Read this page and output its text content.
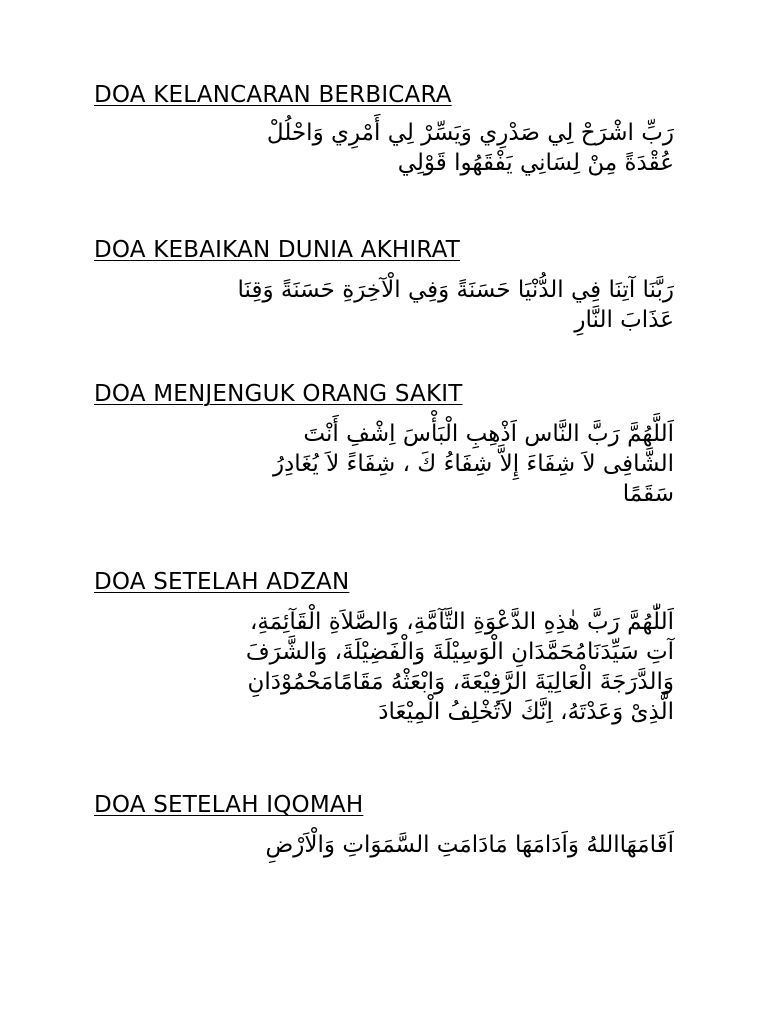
DOA KELANCARAN BERBICARA
رَبِّ اشْرَحْ لِي صَدْرِي وَيَسِّرْ لِي أَمْرِي وَاحْلُلْ
عُقْدَةً مِنْ لِسَانِي يَفْقَهُوا قَوْلِي
DOA KEBAIKAN DUNIA AKHIRAT
رَبَّنَا آتِنَا فِي الدُّنْيَا حَسَنَةً وَفِي الْآخِرَةِ حَسَنَةً وَقِنَا
عَذَابَ النَّارِ
DOA MENJENGUK ORANG SAKIT
اَللَّهُمَّ رَبَّ النَّاس اَذْهِبِ الْبَأْسَ اِشْفِ أَنْتَ
الشَّافِى لاَ شِفَاءَ إِلاَّ شِفَاءُ كَ ، شِفَاءً لاَ يُغَادِرُ
سَقَمًا
DOA SETELAH ADZAN
اَللّٰهُمَّ رَبَّ هٰذِهِ الدَّعْوَةِ التَّآمَّةِ، وَالصَّلاَةِ الْقَآئِمَةِ،
آتِ سَيِّدَنَامُحَمَّدَانِ الْوَسِيْلَةَ وَالْفَضِيْلَةَ، وَالشَّرَفَ
وَالدَّرَجَةَ الْعَالِيَةَ الرَّفِيْعَةَ، وَابْعَثْهُ مَقَامًامَحْمُوْدَانِ
الَّذِىْ وَعَدْتَهُ، اِنَّكَ لاَتُخْلِفُ الْمِيْعَادَ
DOA SETELAH IQOMAH
اَقَامَهَااللهُ وَاَدَامَهَا مَادَامَتِ السَّمَوَاتِ وَالْاَرْضِ
